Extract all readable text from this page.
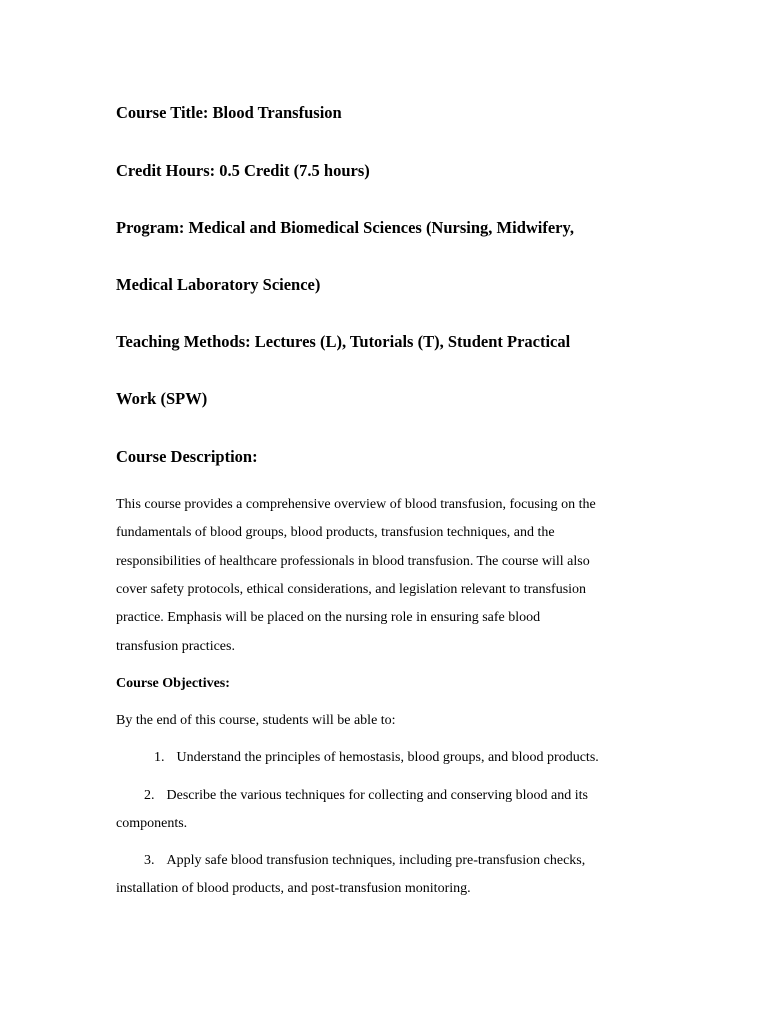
Course Title: Blood Transfusion
Credit Hours: 0.5 Credit (7.5 hours)
Program: Medical and Biomedical Sciences (Nursing, Midwifery,
Medical Laboratory Science)
Teaching Methods: Lectures (L), Tutorials (T), Student Practical
Work (SPW)
Course Description:
This course provides a comprehensive overview of blood transfusion, focusing on the
fundamentals of blood groups, blood products, transfusion techniques, and the
responsibilities of healthcare professionals in blood transfusion. The course will also
cover safety protocols, ethical considerations, and legislation relevant to transfusion
practice. Emphasis will be placed on the nursing role in ensuring safe blood
transfusion practices.
Course Objectives:
By the end of this course, students will be able to:
1. Understand the principles of hemostasis, blood groups, and blood products.
2. Describe the various techniques for collecting and conserving blood and its
components.
3. Apply safe blood transfusion techniques, including pre-transfusion checks,
installation of blood products, and post-transfusion monitoring.
